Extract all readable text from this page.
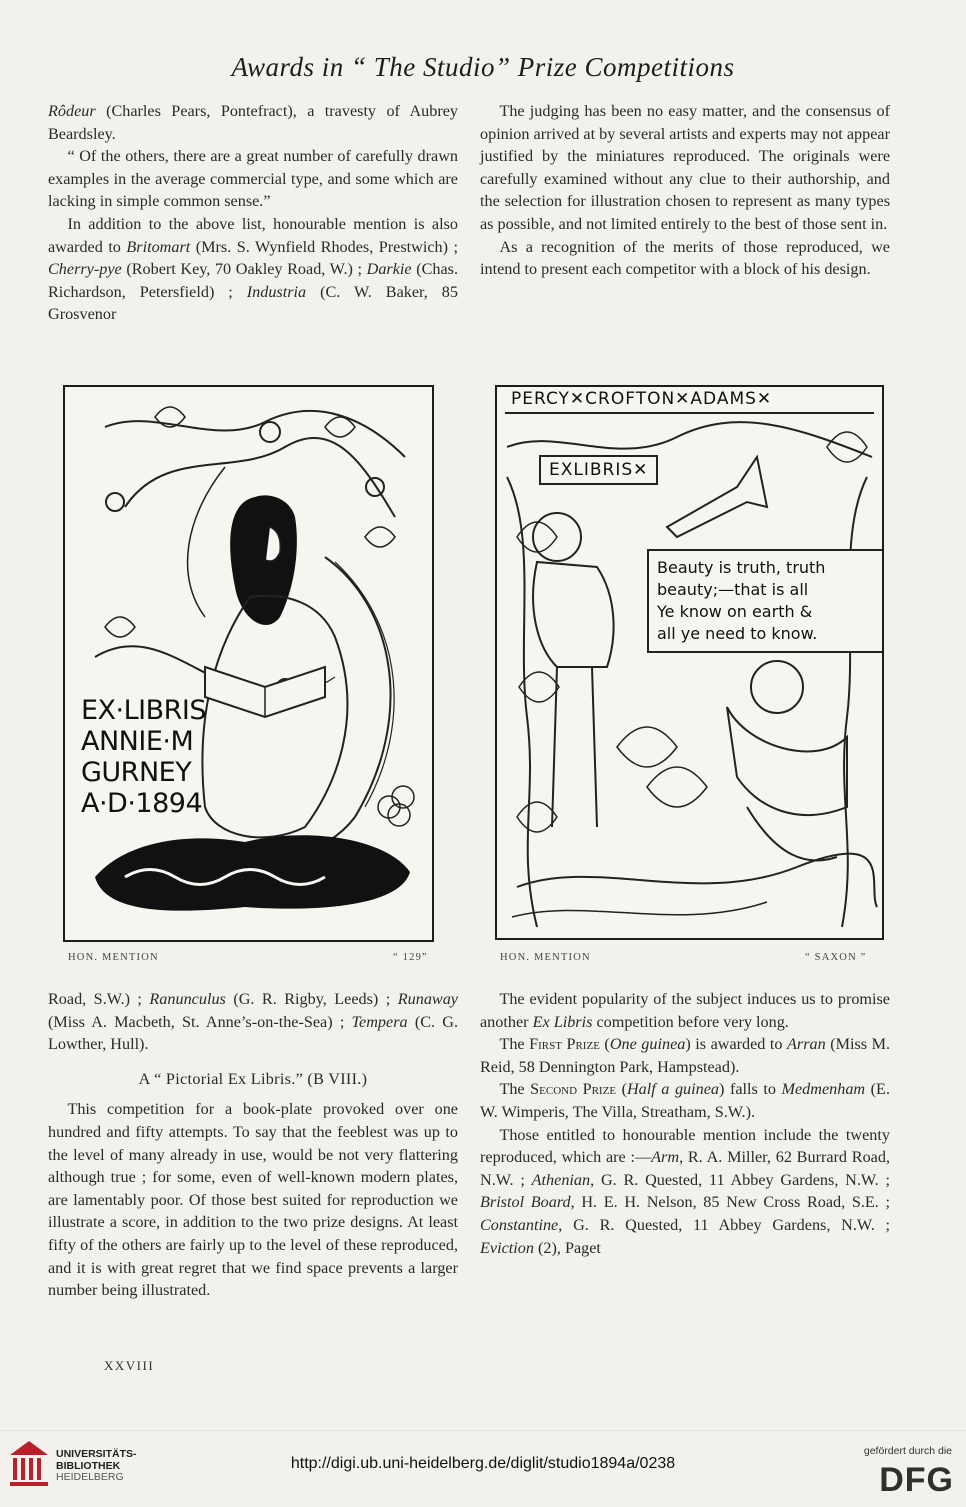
Awards in “ The Studio” Prize Competitions

Rôdeur (Charles Pears, Pontefract), a travesty of Aubrey Beardsley.

“ Of the others, there are a great number of carefully drawn examples in the average commercial type, and some which are lacking in simple common sense.”

In addition to the above list, honourable mention is also awarded to Britomart (Mrs. S. Wynfield Rhodes, Prestwich) ; Cherry-pye (Robert Key, 70 Oakley Road, W.) ; Darkie (Chas. Richardson, Petersfield) ; Industria (C. W. Baker, 85 Grosvenor

The judging has been no easy matter, and the consensus of opinion arrived at by several artists and experts may not appear justified by the miniatures reproduced. The originals were carefully examined without any clue to their authorship, and the selection for illustration chosen to represent as many types as possible, and not limited entirely to the best of those sent in.

As a recognition of the merits of those reproduced, we intend to present each competitor with a block of his design.

EX·LIBRIS
ANNIE·M
GURNEY
A·D·1894
PERCY✕CROFTON✕ADAMS✕
EXLIBRIS✕
Beauty is truth, truth
beauty;—that is all
Ye know on earth &
all ye need to know.
HON. MENTION	“ 129”	HON. MENTION	“ SAXON ”

Road, S.W.) ; Ranunculus (G. R. Rigby, Leeds) ; Runaway (Miss A. Macbeth, St. Anne’s-on-the-Sea) ; Tempera (C. G. Lowther, Hull).

A “ Pictorial Ex Libris.” (B VIII.)

This competition for a book-plate provoked over one hundred and fifty attempts. To say that the feeblest was up to the level of many already in use, would be not very flattering although true ; for some, even of well-known modern plates, are lamentably poor. Of those best suited for reproduction we illustrate a score, in addition to the two prize designs. At least fifty of the others are fairly up to the level of these reproduced, and it is with great regret that we find space prevents a larger number being illustrated.

The evident popularity of the subject induces us to promise another Ex Libris competition before very long.

The First Prize (One guinea) is awarded to Arran (Miss M. Reid, 58 Dennington Park, Hampstead).

The Second Prize (Half a guinea) falls to Medmenham (E. W. Wimperis, The Villa, Streatham, S.W.).

Those entitled to honourable mention include the twenty reproduced, which are :—Arm, R. A. Miller, 62 Burrard Road, N.W. ; Athenian, G. R. Quested, 11 Abbey Gardens, N.W. ; Bristol Board, H. E. H. Nelson, 85 New Cross Road, S.E. ; Constantine, G. R. Quested, 11 Abbey Gardens, N.W. ; Eviction (2), Paget

XXVIII
UNIVERSITÄTS-
BIBLIOTHEK
HEIDELBERG
http://digi.ub.uni-heidelberg.de/diglit/studio1894a/0238
gefördert durch die
DFG
